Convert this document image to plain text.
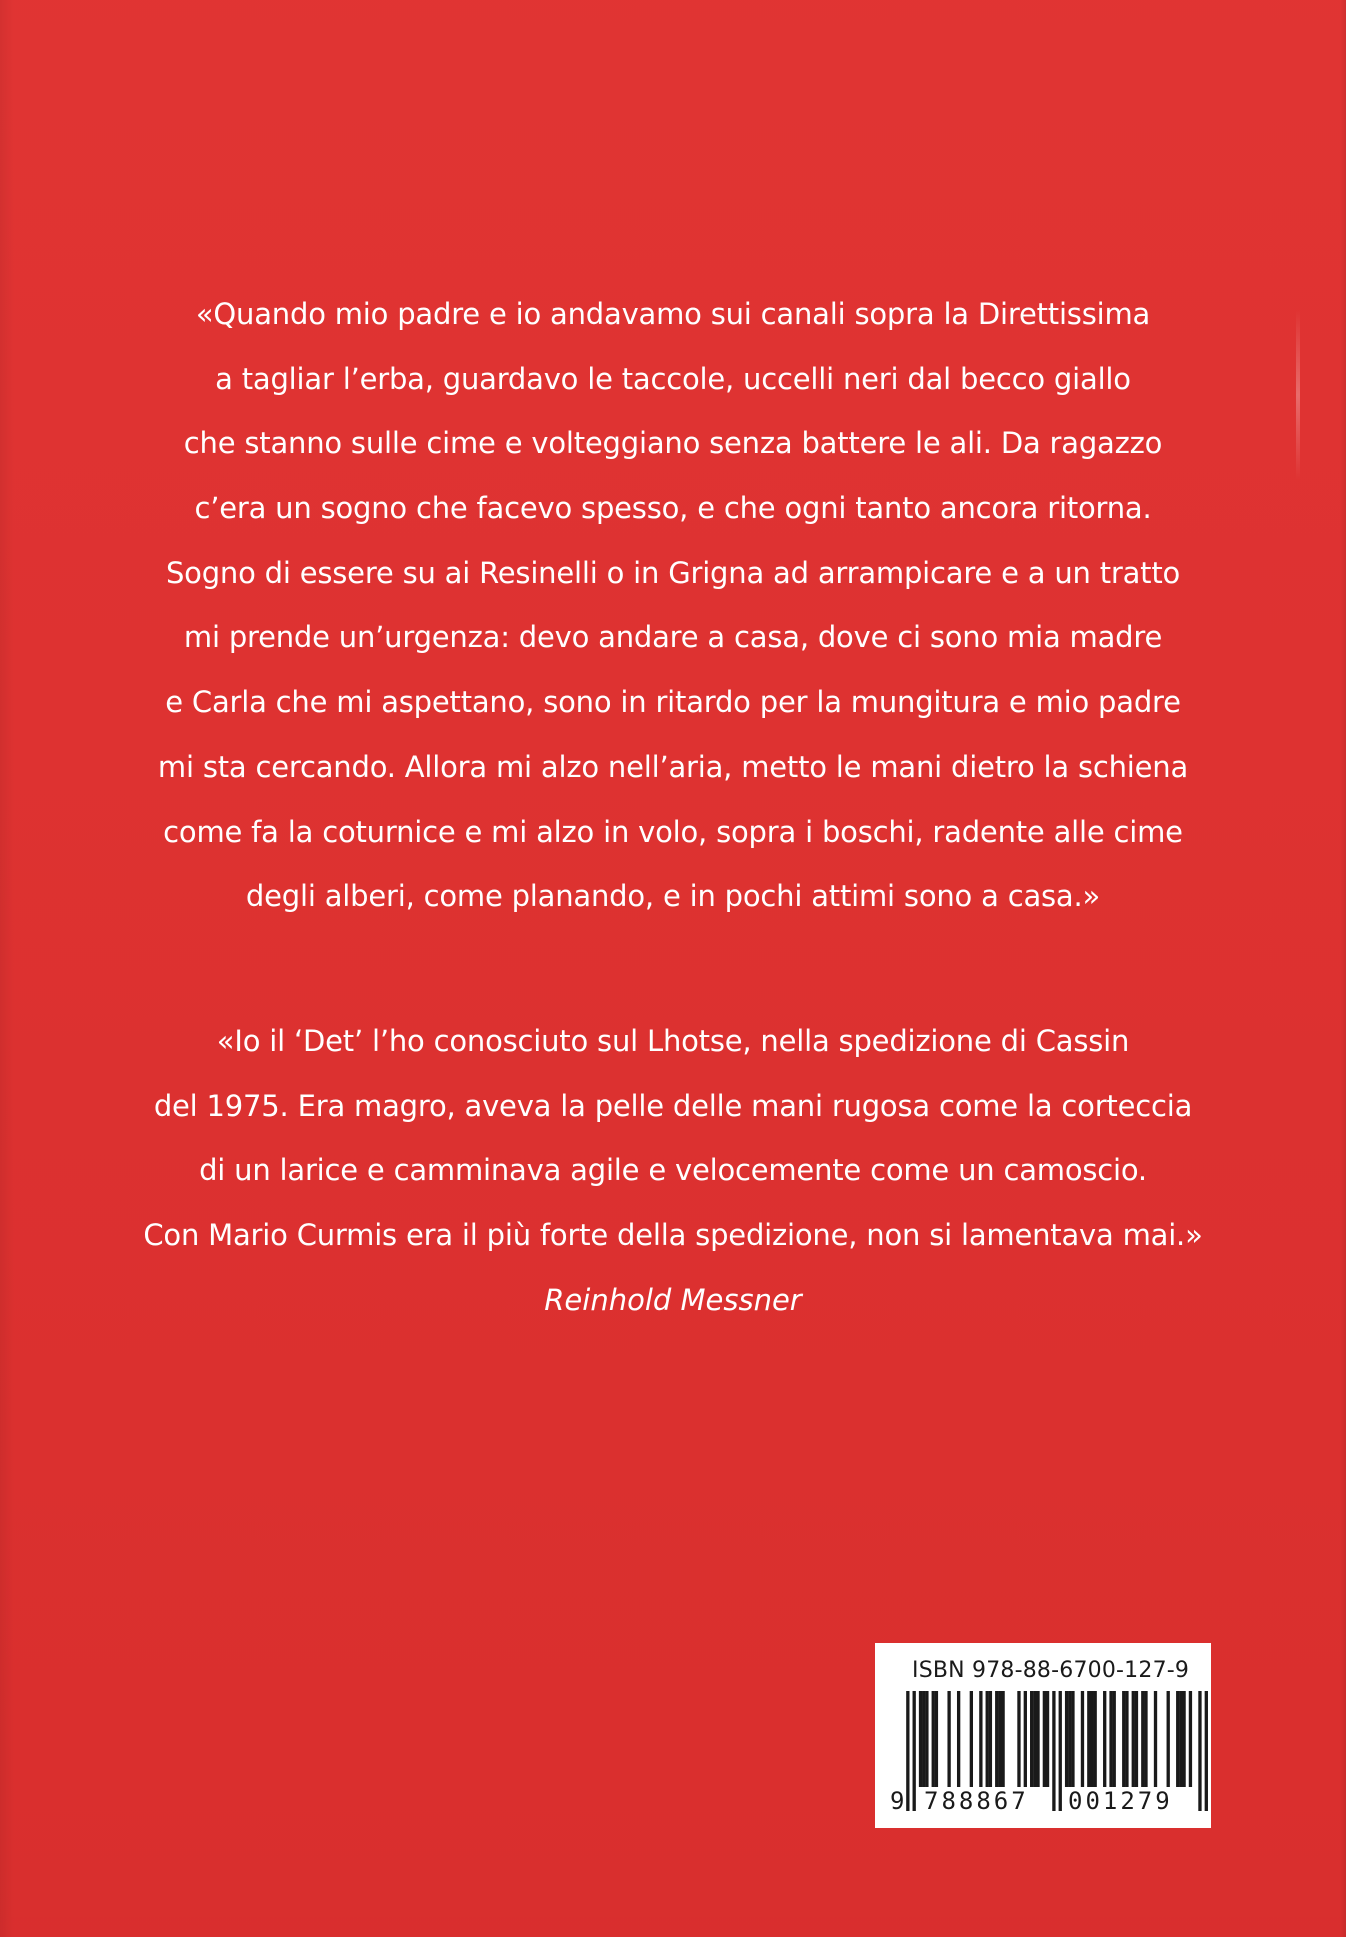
«Quando mio padre e io andavamo sui canali sopra la Direttissima
a tagliar l’erba, guardavo le taccole, uccelli neri dal becco giallo
che stanno sulle cime e volteggiano senza battere le ali. Da ragazzo
c’era un sogno che facevo spesso, e che ogni tanto ancora ritorna.
Sogno di essere su ai Resinelli o in Grigna ad arrampicare e a un tratto
mi prende un’urgenza: devo andare a casa, dove ci sono mia madre
e Carla che mi aspettano, sono in ritardo per la mungitura e mio padre
mi sta cercando. Allora mi alzo nell’aria, metto le mani dietro la schiena
come fa la coturnice e mi alzo in volo, sopra i boschi, radente alle cime
degli alberi, come planando, e in pochi attimi sono a casa.»
«Io il ‘Det’ l’ho conosciuto sul Lhotse, nella spedizione di Cassin
del 1975. Era magro, aveva la pelle delle mani rugosa come la corteccia
di un larice e camminava agile e velocemente come un camoscio.
Con Mario Curmis era il più forte della spedizione, non si lamentava mai.»
Reinhold Messner
ISBN 978-88-6700-127-9
9 788867 001279
